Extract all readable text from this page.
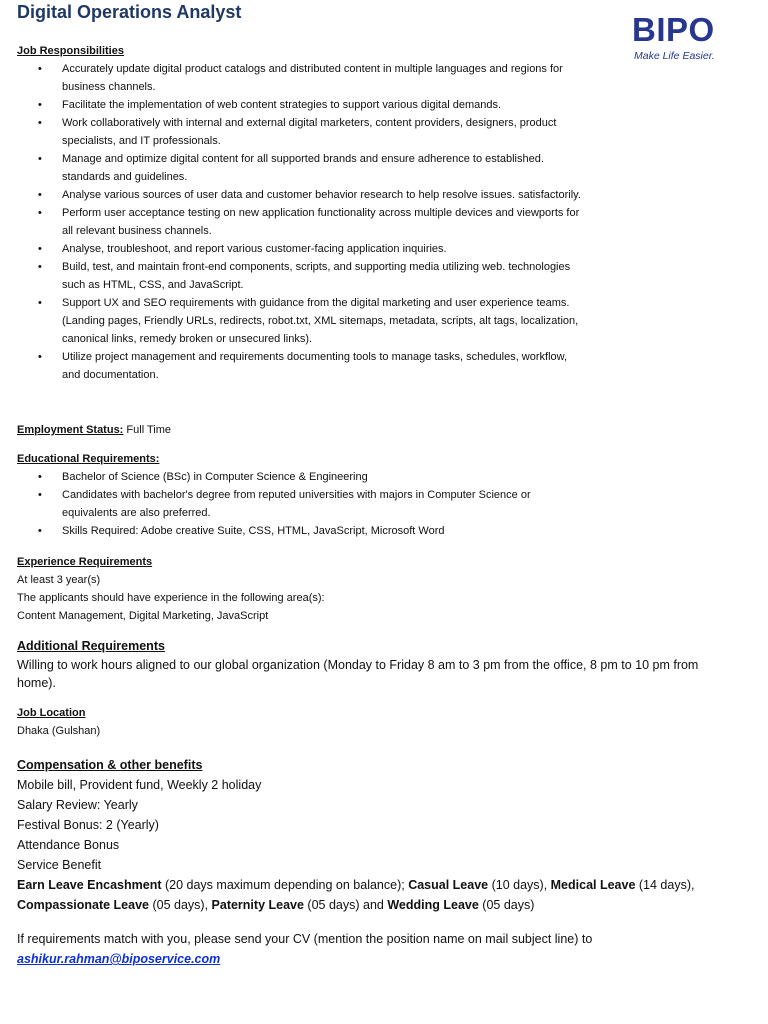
Digital Operations Analyst	BIPO
Make Life Easier.
Job Responsibilities
• Accurately update digital product catalogs and distributed content in multiple languages and regions for business channels.
• Facilitate the implementation of web content strategies to support various digital demands.
• Work collaboratively with internal and external digital marketers, content providers, designers, product specialists, and IT professionals.
• Manage and optimize digital content for all supported brands and ensure adherence to established. standards and guidelines.
• Analyse various sources of user data and customer behavior research to help resolve issues. satisfactorily.
• Perform user acceptance testing on new application functionality across multiple devices and viewports for all relevant business channels.
• Analyse, troubleshoot, and report various customer-facing application inquiries.
• Build, test, and maintain front-end components, scripts, and supporting media utilizing web. technologies such as HTML, CSS, and JavaScript.
• Support UX and SEO requirements with guidance from the digital marketing and user experience teams. (Landing pages, Friendly URLs, redirects, robot.txt, XML sitemaps, metadata, scripts, alt tags, localization, canonical links, remedy broken or unsecured links).
• Utilize project management and requirements documenting tools to manage tasks, schedules, workflow, and documentation.
Employment Status: Full Time
Educational Requirements:
• Bachelor of Science (BSc) in Computer Science & Engineering
• Candidates with bachelor's degree from reputed universities with majors in Computer Science or equivalents are also preferred.
• Skills Required: Adobe creative Suite, CSS, HTML, JavaScript, Microsoft Word
Experience Requirements
At least 3 year(s)
The applicants should have experience in the following area(s):
Content Management, Digital Marketing, JavaScript
Additional Requirements
Willing to work hours aligned to our global organization (Monday to Friday 8 am to 3 pm from the office, 8 pm to 10 pm from home).
Job Location
Dhaka (Gulshan)
Compensation & other benefits
Mobile bill, Provident fund, Weekly 2 holiday
Salary Review: Yearly
Festival Bonus: 2 (Yearly)
Attendance Bonus
Service Benefit
Earn Leave Encashment (20 days maximum depending on balance); Casual Leave (10 days), Medical Leave (14 days),
Compassionate Leave (05 days), Paternity Leave (05 days) and Wedding Leave (05 days)
If requirements match with you, please send your CV (mention the position name on mail subject line) to
ashikur.rahman@biposervice.com
